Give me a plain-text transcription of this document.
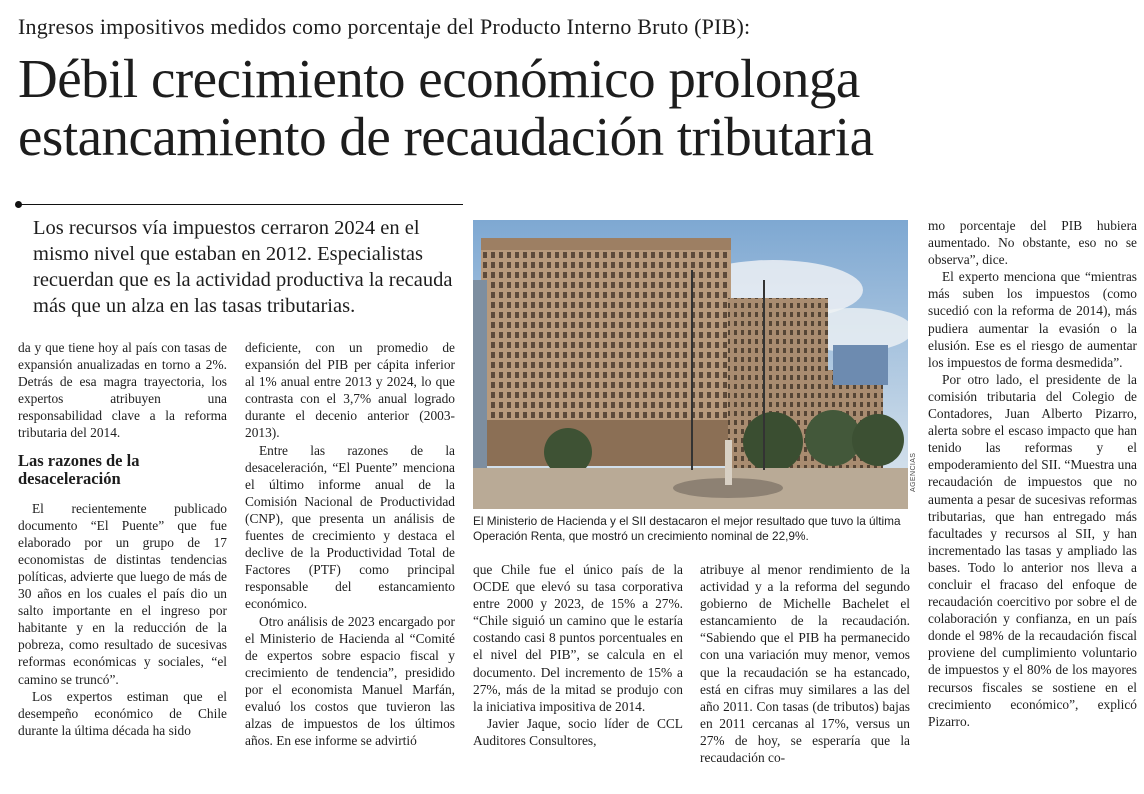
Ingresos impositivos medidos como porcentaje del Producto Interno Bruto (PIB):
Débil crecimiento económico prolonga
estancamiento de recaudación tributaria
Los recursos vía impuestos cerraron 2024 en el mismo nivel que estaban en 2012. Especialistas recuerdan que es la actividad productiva la recauda más que un alza en las tasas tributarias.

da y que tiene hoy al país con tasas de expansión anualizadas en torno a 2%. Detrás de esa magra trayectoria, los expertos atribuyen una responsabilidad clave a la reforma tributaria del 2014.

Las razones de la desaceleración

El recientemente publicado documento “El Puente” que fue elaborado por un grupo de 17 economistas de distintas tendencias políticas, advierte que luego de más de 30 años en los cuales el país dio un salto importante en el ingreso por habitante y en la reducción de la pobreza, como resultado de sucesivas reformas económicas y sociales, “el camino se truncó”.

Los expertos estiman que el desempeño económico de Chile durante la última década ha sido

deficiente, con un promedio de expansión del PIB per cápita inferior al 1% anual entre 2013 y 2024, lo que contrasta con el 3,7% anual logrado durante el decenio anterior (2003-2013).

Entre las razones de la desaceleración, “El Puente” menciona el último informe anual de la Comisión Nacional de Productividad (CNP), que presenta un análisis de fuentes de crecimiento y destaca el declive de la Productividad Total de Factores (PTF) como principal responsable del estancamiento económico.

Otro análisis de 2023 encargado por el Ministerio de Hacienda al “Comité de expertos sobre espacio fiscal y crecimiento de tendencia”, presidido por el economista Manuel Marfán, evaluó los costos que tuvieron las alzas de impuestos de los últimos años. En ese informe se advirtió

AGENCIAS
El Ministerio de Hacienda y el SII destacaron el mejor resultado que tuvo la última Operación Renta, que mostró un crecimiento nominal de 22,9%.

que Chile fue el único país de la OCDE que elevó su tasa corporativa entre 2000 y 2023, de 15% a 27%. “Chile siguió un camino que le estaría costando casi 8 puntos porcentuales en el nivel del PIB”, se calcula en el documento. Del incremento de 15% a 27%, más de la mitad se produjo con la iniciativa impositiva de 2014.

Javier Jaque, socio líder de CCL Auditores Consultores,

atribuye al menor rendimiento de la actividad y a la reforma del segundo gobierno de Michelle Bachelet el estancamiento de la recaudación. “Sabiendo que el PIB ha permanecido con una variación muy menor, vemos que la recaudación se ha estancado, está en cifras muy similares a las del año 2011. Con tasas (de tributos) bajas en 2011 cercanas al 17%, versus un 27% de hoy, se esperaría que la recaudación co-

mo porcentaje del PIB hubiera aumentado. No obstante, eso no se observa”, dice.

El experto menciona que “mientras más suben los impuestos (como sucedió con la reforma de 2014), más pudiera aumentar la evasión o la elusión. Ese es el riesgo de aumentar los impuestos de forma desmedida”.

Por otro lado, el presidente de la comisión tributaria del Colegio de Contadores, Juan Alberto Pizarro, alerta sobre el escaso impacto que han tenido las reformas y el empoderamiento del SII. “Muestra una recaudación de impuestos que no aumenta a pesar de sucesivas reformas tributarias, que han entregado más facultades y recursos al SII, y han incrementado las tasas y ampliado las bases. Todo lo anterior nos lleva a concluir el fracaso del enfoque de recaudación coercitivo por sobre el de colaboración y confianza, en un país donde el 98% de la recaudación fiscal proviene del cumplimiento voluntario de impuestos y el 80% de los mayores recursos fiscales se sostiene en el crecimiento económico”, explicó Pizarro.
